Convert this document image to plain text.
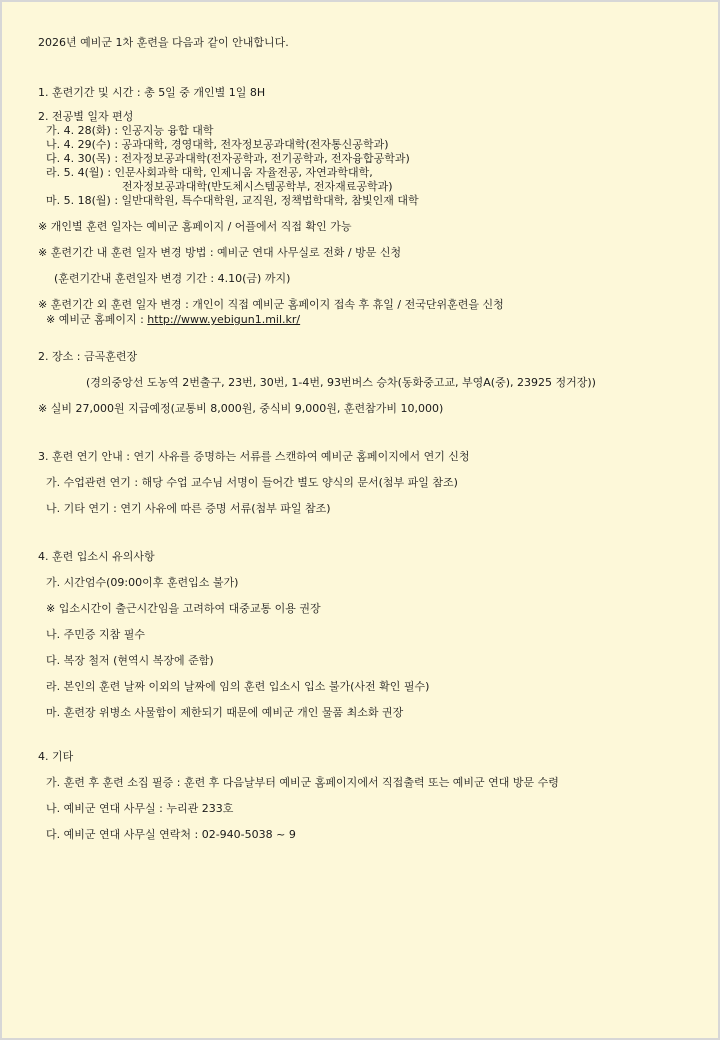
2026년 예비군 1차 훈련을 다음과 같이 안내합니다.
1. 훈련기간 및 시간 : 총 5일 중 개인별 1일 8H
2. 전공별 일자 편성
가. 4. 28(화) : 인공지능 융합 대학
나. 4. 29(수) : 공과대학, 경영대학, 전자정보공과대학(전자통신공학과)
다. 4. 30(목) : 전자정보공과대학(전자공학과, 전기공학과, 전자융합공학과)
라. 5. 4(월) : 인문사회과학 대학, 인제니움 자율전공, 자연과학대학,
전자정보공과대학(반도체시스템공학부, 전자재료공학과)
마. 5. 18(월) : 일반대학원, 특수대학원, 교직원, 정책법학대학, 참빛인재 대학
※ 개인별 훈련 일자는 예비군 홈페이지 / 어플에서 직접 확인 가능
※ 훈련기간 내 훈련 일자 변경 방법 : 예비군 연대 사무실로 전화 / 방문 신청
(훈련기간내 훈련일자 변경 기간 : 4.10(금) 까지)
※ 훈련기간 외 훈련 일자 변경 : 개인이 직접 예비군 홈페이지 접속 후 휴일 / 전국단위훈련을 신청
※ 예비군 홈페이지 : http://www.yebigun1.mil.kr/
2. 장소 : 금곡훈련장
(경의중앙선 도농역 2번출구, 23번, 30번, 1-4번, 93번버스 승차(동화중고교, 부영A(중), 23925 정거장))
※ 실비 27,000원 지급예정(교통비 8,000원, 중식비 9,000원, 훈련참가비 10,000)
3. 훈련 연기 안내 : 연기 사유를 증명하는 서류를 스캔하여 예비군 홈페이지에서 연기 신청
가. 수업관련 연기 : 해당 수업 교수님 서명이 들어간 별도 양식의 문서(첨부 파일 참조)
나. 기타 연기 : 연기 사유에 따른 증명 서류(첨부 파일 참조)
4. 훈련 입소시 유의사항
가. 시간엄수(09:00이후 훈련입소 불가)
※ 입소시간이 출근시간임을 고려하여 대중교통 이용 권장
나. 주민증 지참 필수
다. 복장 철저 (현역시 복장에 준함)
라. 본인의 훈련 날짜 이외의 날짜에 임의 훈련 입소시 입소 불가(사전 확인 필수)
마. 훈련장 위병소 사물함이 제한되기 때문에 예비군 개인 물품 최소화 권장
4. 기타
가. 훈련 후 훈련 소집 필증 : 훈련 후 다음날부터 예비군 홈페이지에서 직접출력 또는 예비군 연대 방문 수령
나. 예비군 연대 사무실 : 누리관 233호
다. 예비군 연대 사무실 연락처 : 02-940-5038 ~ 9
